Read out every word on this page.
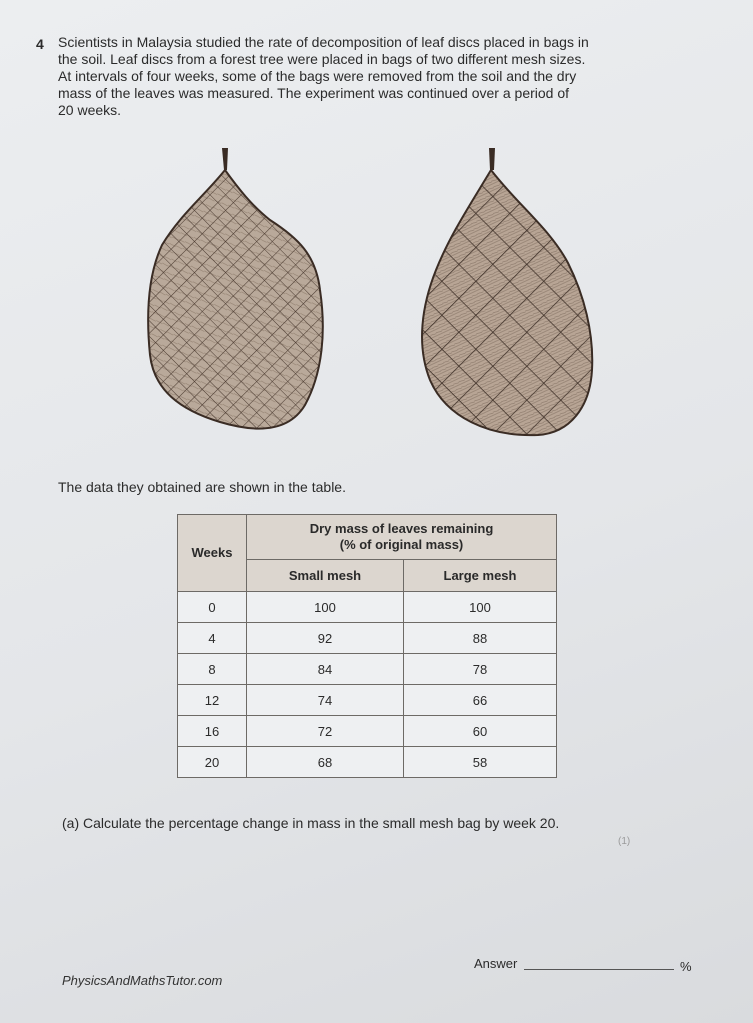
4 Scientists in Malaysia studied the rate of decomposition of leaf discs placed in bags in
the soil. Leaf discs from a forest tree were placed in bags of two different mesh sizes.
At intervals of four weeks, some of the bags were removed from the soil and the dry
mass of the leaves was measured. The experiment was continued over a period of
20 weeks.
The data they obtained are shown in the table.
Weeks	Dry mass of leaves remaining
(% of original mass)	

	Small mesh	Large mesh
0	100	100
4	92	88
8	84	78
12	74	66
16	72	60
20	68	58
(a) Calculate the percentage change in mass in the small mesh bag by week 20.
(1)
Answer	%
PhysicsAndMathsTutor.com
